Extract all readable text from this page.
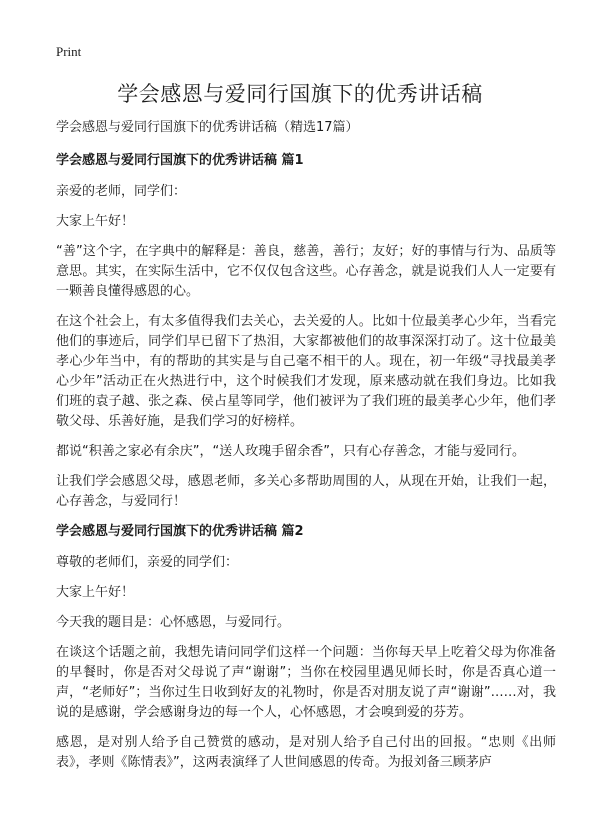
Print
学会感恩与爱同行国旗下的优秀讲话稿

学会感恩与爱同行国旗下的优秀讲话稿（精选17篇）

学会感恩与爱同行国旗下的优秀讲话稿 篇1

亲爱的老师，同学们：

大家上午好！

“善”这个字，在字典中的解释是：善良，慈善，善行；友好；好的事情与行为、品质等意思。其实，在实际生活中，它不仅仅包含这些。心存善念，就是说我们人人一定要有一颗善良懂得感恩的心。

在这个社会上，有太多值得我们去关心，去关爱的人。比如十位最美孝心少年，当看完他们的事迹后，同学们早已留下了热泪，大家都被他们的故事深深打动了。这十位最美孝心少年当中，有的帮助的其实是与自己毫不相干的人。现在，初一年级“寻找最美孝心少年”活动正在火热进行中，这个时候我们才发现，原来感动就在我们身边。比如我们班的袁子越、张之森、侯占星等同学，他们被评为了我们班的最美孝心少年，他们孝敬父母、乐善好施，是我们学习的好榜样。

都说“积善之家必有余庆”，“送人玫瑰手留余香”，只有心存善念，才能与爱同行。

让我们学会感恩父母，感恩老师，多关心多帮助周围的人，从现在开始，让我们一起，心存善念，与爱同行！

学会感恩与爱同行国旗下的优秀讲话稿 篇2

尊敬的老师们，亲爱的同学们：

大家上午好！

今天我的题目是：心怀感恩，与爱同行。

在谈这个话题之前，我想先请问同学们这样一个问题：当你每天早上吃着父母为你准备的早餐时，你是否对父母说了声“谢谢”；当你在校园里遇见师长时，你是否真心道一声，“老师好”；当你过生日收到好友的礼物时，你是否对朋友说了声“谢谢”……对，我说的是感谢，学会感谢身边的每一个人，心怀感恩，才会嗅到爱的芬芳。

感恩，是对别人给予自己赞赏的感动，是对别人给予自己付出的回报。“忠则《出师表》，孝则《陈情表》”，这两表演绎了人世间感恩的传奇。为报刘备三顾茅庐
